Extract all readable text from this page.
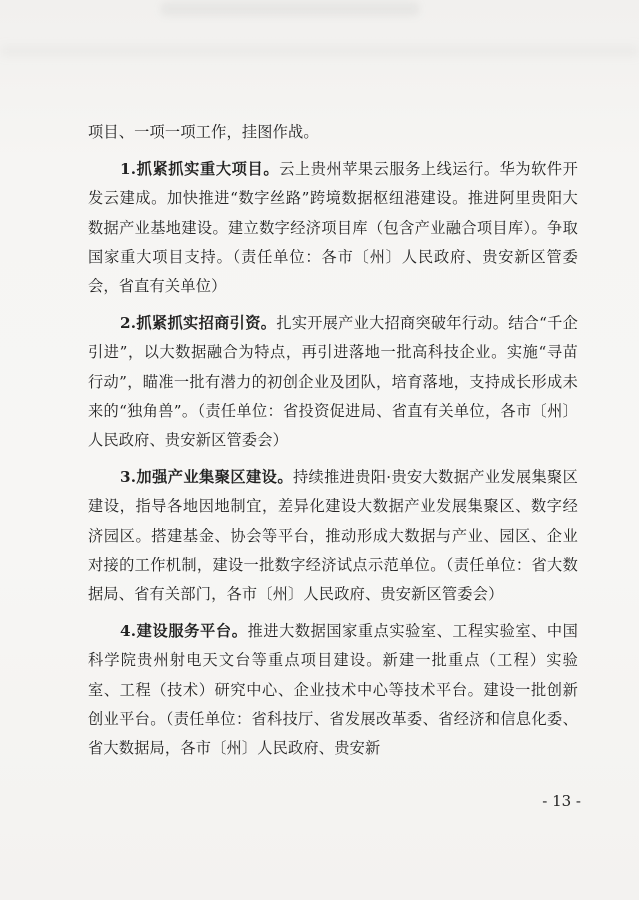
项目、一项一项工作，挂图作战。

1.抓紧抓实重大项目。云上贵州苹果云服务上线运行。华为软件开发云建成。加快推进“数字丝路”跨境数据枢纽港建设。推进阿里贵阳大数据产业基地建设。建立数字经济项目库（包含产业融合项目库）。争取国家重大项目支持。（责任单位：各市〔州〕人民政府、贵安新区管委会，省直有关单位）

2.抓紧抓实招商引资。扎实开展产业大招商突破年行动。结合“千企引进”，以大数据融合为特点，再引进落地一批高科技企业。实施“寻苗行动”，瞄准一批有潜力的初创企业及团队，培育落地，支持成长形成未来的“独角兽”。（责任单位：省投资促进局、省直有关单位，各市〔州〕人民政府、贵安新区管委会）

3.加强产业集聚区建设。持续推进贵阳·贵安大数据产业发展集聚区建设，指导各地因地制宜，差异化建设大数据产业发展集聚区、数字经济园区。搭建基金、协会等平台，推动形成大数据与产业、园区、企业对接的工作机制，建设一批数字经济试点示范单位。（责任单位：省大数据局、省有关部门，各市〔州〕人民政府、贵安新区管委会）

4.建设服务平台。推进大数据国家重点实验室、工程实验室、中国科学院贵州射电天文台等重点项目建设。新建一批重点（工程）实验室、工程（技术）研究中心、企业技术中心等技术平台。建设一批创新创业平台。（责任单位：省科技厅、省发展改革委、省经济和信息化委、省大数据局，各市〔州〕人民政府、贵安新

- 13 -
